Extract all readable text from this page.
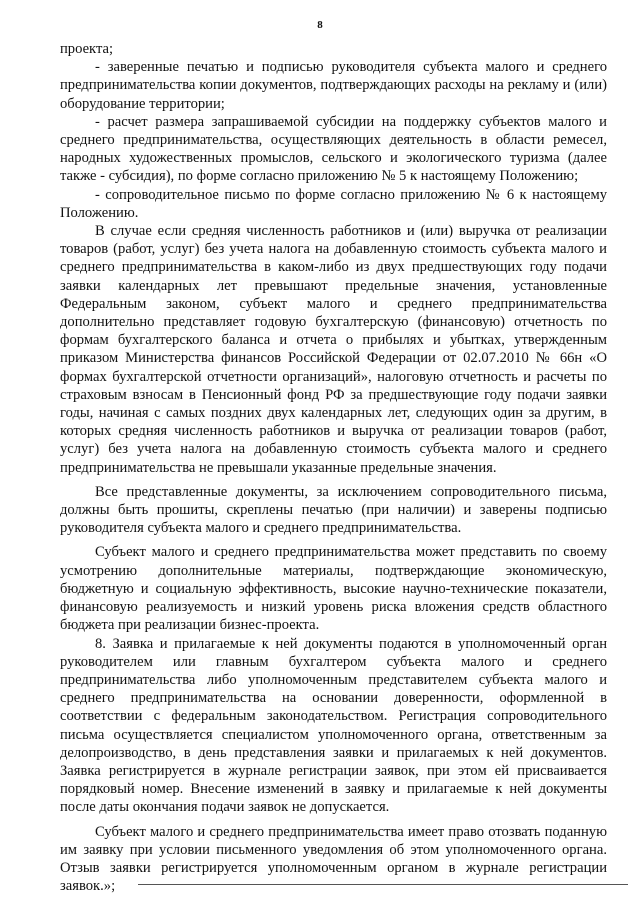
8

проекта;

- заверенные печатью и подписью руководителя субъекта малого и среднего предпринимательства копии документов, подтверждающих расходы на рекламу и (или) оборудование территории;

- расчет размера запрашиваемой субсидии на поддержку субъектов малого и среднего предпринимательства, осуществляющих деятельность в области ремесел, народных художественных промыслов, сельского и экологического туризма (далее также - субсидия), по форме согласно приложению № 5 к настоящему Положению;

- сопроводительное письмо по форме согласно приложению № 6 к настоящему Положению.

В случае если средняя численность работников и (или) выручка от реализации товаров (работ, услуг) без учета налога на добавленную стоимость субъекта малого и среднего предпринимательства в каком-либо из двух предшествующих году подачи заявки календарных лет превышают предельные значения, установленные Федеральным законом, субъект малого и среднего предпринимательства дополнительно представляет годовую бухгалтерскую (финансовую) отчетность по формам бухгалтерского баланса и отчета о прибылях и убытках, утвержденным приказом Министерства финансов Российской Федерации от 02.07.2010 № 66н «О формах бухгалтерской отчетности организаций», налоговую отчетность и расчеты по страховым взносам в Пенсионный фонд РФ за предшествующие году подачи заявки годы, начиная с самых поздних двух календарных лет, следующих один за другим, в которых средняя численность работников и выручка от реализации товаров (работ, услуг) без учета налога на добавленную стоимость субъекта малого и среднего предпринимательства не превышали указанные предельные значения.

Все представленные документы, за исключением сопроводительного письма, должны быть прошиты, скреплены печатью (при наличии) и заверены подписью руководителя субъекта малого и среднего предпринимательства.

Субъект малого и среднего предпринимательства может представить по своему усмотрению дополнительные материалы, подтверждающие экономическую, бюджетную и социальную эффективность, высокие научно-технические показатели, финансовую реализуемость и низкий уровень риска вложения средств областного бюджета при реализации бизнес-проекта.

8. Заявка и прилагаемые к ней документы подаются в уполномоченный орган руководителем или главным бухгалтером субъекта малого и среднего предпринимательства либо уполномоченным представителем субъекта малого и среднего предпринимательства на основании доверенности, оформленной в соответствии с федеральным законодательством. Регистрация сопроводительного письма осуществляется специалистом уполномоченного органа, ответственным за делопроизводство, в день представления заявки и прилагаемых к ней документов. Заявка регистрируется в журнале регистрации заявок, при этом ей присваивается порядковый номер. Внесение изменений в заявку и прилагаемые к ней документы после даты окончания подачи заявок не допускается.

Субъект малого и среднего предпринимательства имеет право отозвать поданную им заявку при условии письменного уведомления об этом уполномоченного органа. Отзыв заявки регистрируется уполномоченным органом в журнале регистрации заявок.»;
